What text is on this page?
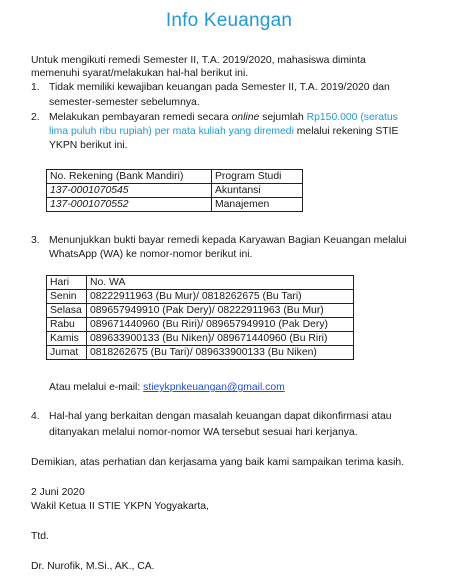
Info Keuangan
Untuk mengikuti remedi Semester II, T.A. 2019/2020, mahasiswa diminta
memenuhi syarat/melakukan hal-hal berikut ini.
1. Tidak memiliki kewajiban keuangan pada Semester II, T.A. 2019/2020 dan
semester-semester sebelumnya.
2. Melakukan pembayaran remedi secara online sejumlah Rp150.000 (seratus
lima puluh ribu rupiah) per mata kuliah yang diremedi melalui rekening STIE
YKPN berikut ini.
No. Rekening (Bank Mandiri)	Program Studi
137-0001070545	Akuntansi
137-0001070552	Manajemen
3. Menunjukkan bukti bayar remedi kepada Karyawan Bagian Keuangan melalui
WhatsApp (WA) ke nomor-nomor berikut ini.
Hari	No. WA
Senin	08222911963 (Bu Mur)/ 0818262675 (Bu Tari)
Selasa	089657949910 (Pak Dery)/ 08222911963 (Bu Mur)
Rabu	089671440960 (Bu Riri)/ 089657949910 (Pak Dery)
Kamis	089633900133 (Bu Niken)/ 089671440960 (Bu Riri)
Jumat	0818262675 (Bu Tari)/ 089633900133 (Bu Niken)
Atau melalui e-mail: stieykpnkeuangan@gmail.com
4. Hal-hal yang berkaitan dengan masalah keuangan dapat dikonfirmasi atau
ditanyakan melalui nomor-nomor WA tersebut sesuai hari kerjanya.
Demikian, atas perhatian dan kerjasama yang baik kami sampaikan terima kasih.
2 Juni 2020
Wakil Ketua II STIE YKPN Yogyakarta,
Ttd.
Dr. Nurofik, M.Si., AK., CA.
